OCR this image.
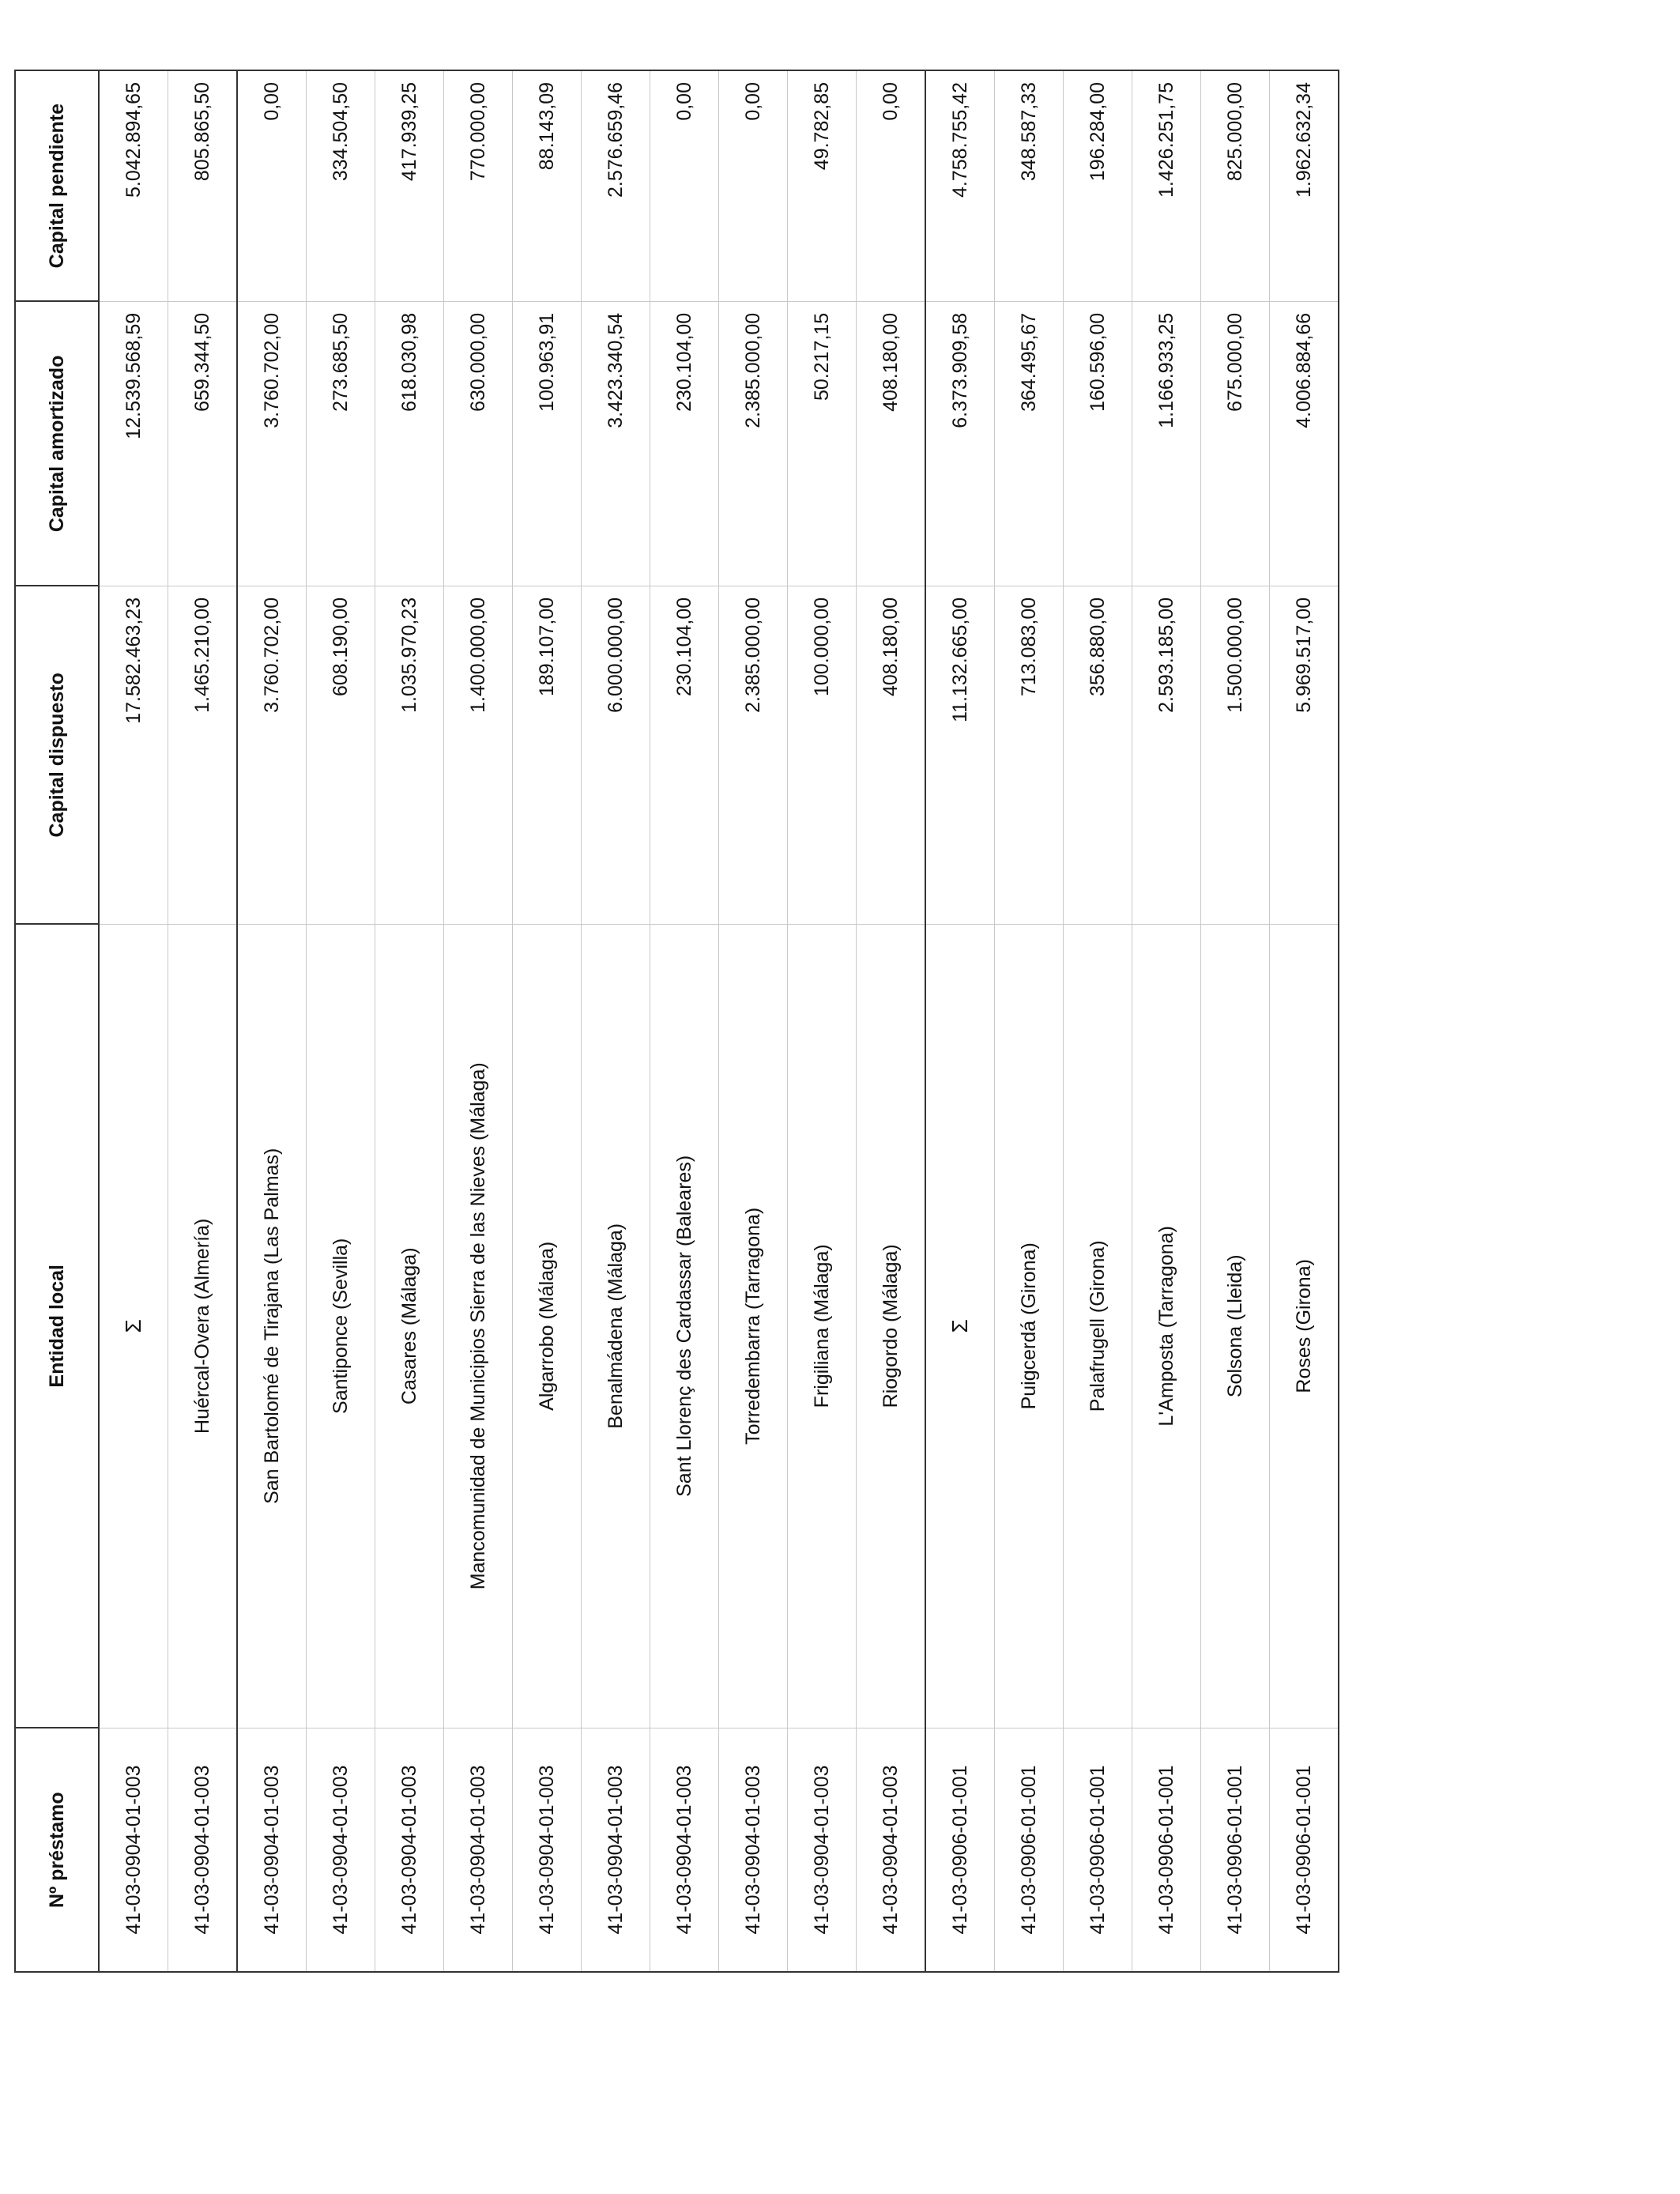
Nº préstamo	Entidad local	Capital dispuesto	Capital amortizado	Capital pendiente
41-03-0904-01-003	Σ	17.582.463,23	12.539.568,59	5.042.894,65
41-03-0904-01-003	Huércal-Overa (Almería)	1.465.210,00	659.344,50	805.865,50
41-03-0904-01-003	San Bartolomé de Tirajana (Las Palmas)	3.760.702,00	3.760.702,00	0,00
41-03-0904-01-003	Santiponce (Sevilla)	608.190,00	273.685,50	334.504,50
41-03-0904-01-003	Casares (Málaga)	1.035.970,23	618.030,98	417.939,25
41-03-0904-01-003	Mancomunidad de Municipios Sierra de las Nieves (Málaga)	1.400.000,00	630.000,00	770.000,00
41-03-0904-01-003	Algarrobo (Málaga)	189.107,00	100.963,91	88.143,09
41-03-0904-01-003	Benalmádena (Málaga)	6.000.000,00	3.423.340,54	2.576.659,46
41-03-0904-01-003	Sant Llorenç des Cardassar (Baleares)	230.104,00	230.104,00	0,00
41-03-0904-01-003	Torredembarra (Tarragona)	2.385.000,00	2.385.000,00	0,00
41-03-0904-01-003	Frigiliana (Málaga)	100.000,00	50.217,15	49.782,85
41-03-0904-01-003	Riogordo (Málaga)	408.180,00	408.180,00	0,00
41-03-0906-01-001	Σ	11.132.665,00	6.373.909,58	4.758.755,42
41-03-0906-01-001	Puigcerdá (Girona)	713.083,00	364.495,67	348.587,33
41-03-0906-01-001	Palafrugell (Girona)	356.880,00	160.596,00	196.284,00
41-03-0906-01-001	L'Amposta (Tarragona)	2.593.185,00	1.166.933,25	1.426.251,75
41-03-0906-01-001	Solsona (Lleida)	1.500.000,00	675.000,00	825.000,00
41-03-0906-01-001	Roses (Girona)	5.969.517,00	4.006.884,66	1.962.632,34
